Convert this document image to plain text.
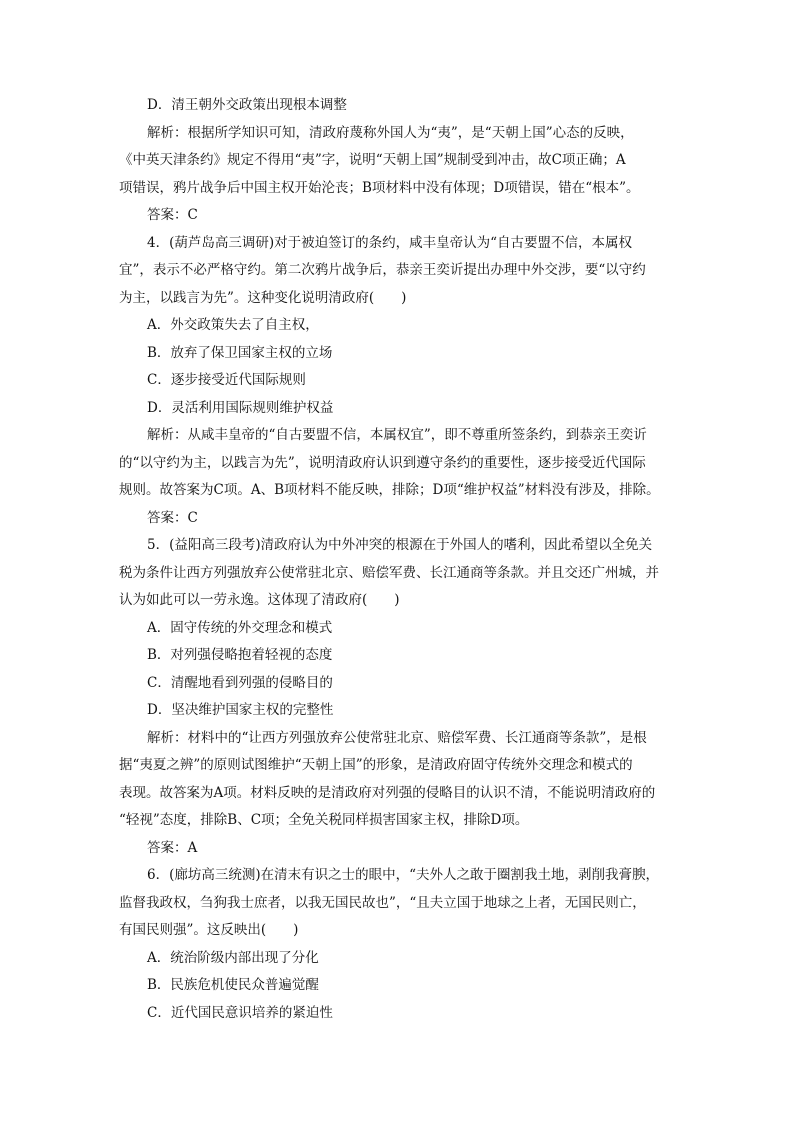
D．清王朝外交政策出现根本调整
解析：根据所学知识可知，清政府蔑称外国人为“夷”，是“天朝上国”心态的反映，
《中英天津条约》规定不得用“夷”字，说明“天朝上国”规制受到冲击，故C项正确；A
项错误，鸦片战争后中国主权开始沦丧；B项材料中没有体现；D项错误，错在“根本”。
答案：C
4．(葫芦岛高三调研)对于被迫签订的条约，咸丰皇帝认为“自古要盟不信，本属权
宜”，表示不必严格守约。第二次鸦片战争后，恭亲王奕䜣提出办理中外交涉，要“以守约
为主，以践言为先”。这种变化说明清政府(　　)
A．外交政策失去了自主权，
B．放弃了保卫国家主权的立场
C．逐步接受近代国际规则
D．灵活利用国际规则维护权益
解析：从咸丰皇帝的“自古要盟不信，本属权宜”，即不尊重所签条约，到恭亲王奕䜣
的“以守约为主，以践言为先”，说明清政府认识到遵守条约的重要性，逐步接受近代国际
规则。故答案为C项。A、B项材料不能反映，排除；D项“维护权益”材料没有涉及，排除。
答案：C
5．(益阳高三段考)清政府认为中外冲突的根源在于外国人的嗜利，因此希望以全免关
税为条件让西方列强放弃公使常驻北京、赔偿军费、长江通商等条款。并且交还广州城，并
认为如此可以一劳永逸。这体现了清政府(　　)
A．固守传统的外交理念和模式
B．对列强侵略抱着轻视的态度
C．清醒地看到列强的侵略目的
D．坚决维护国家主权的完整性
解析：材料中的“让西方列强放弃公使常驻北京、赔偿军费、长江通商等条款”，是根
据“夷夏之辨”的原则试图维护“天朝上国”的形象，是清政府固守传统外交理念和模式的
表现。故答案为A项。材料反映的是清政府对列强的侵略目的认识不清，不能说明清政府的
“轻视”态度，排除B、C项；全免关税同样损害国家主权，排除D项。
答案：A
6．(廊坊高三统测)在清末有识之士的眼中，“夫外人之敢于圈割我土地，剥削我膏腴，
监督我政权，刍狗我士庶者，以我无国民故也”，“且夫立国于地球之上者，无国民则亡，
有国民则强”。这反映出(　　)
A．统治阶级内部出现了分化
B．民族危机使民众普遍觉醒
C．近代国民意识培养的紧迫性
